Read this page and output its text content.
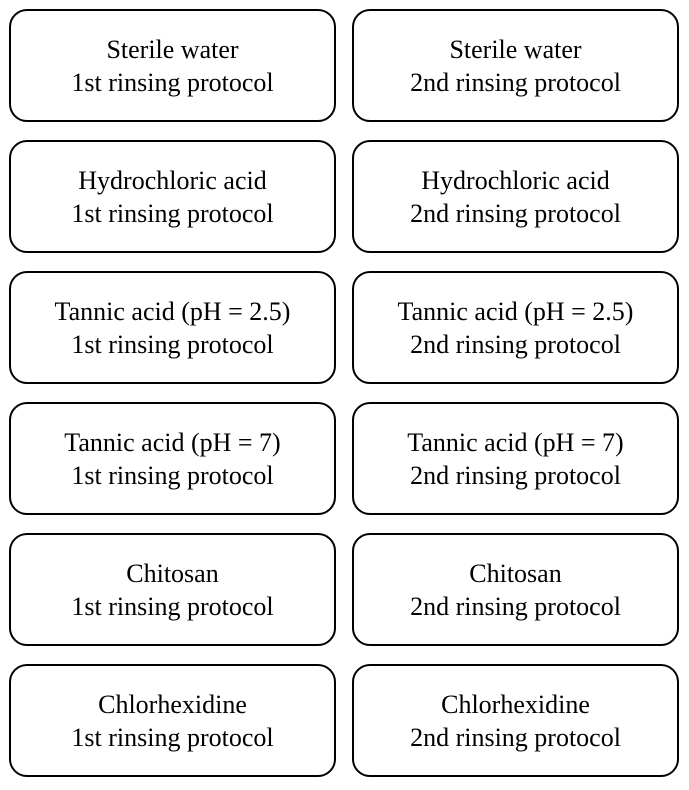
Sterile water
1st rinsing protocol
Sterile water
2nd rinsing protocol
Hydrochloric acid
1st rinsing protocol
Hydrochloric acid
2nd rinsing protocol
Tannic acid (pH = 2.5)
1st rinsing protocol
Tannic acid (pH = 2.5)
2nd rinsing protocol
Tannic acid (pH = 7)
1st rinsing protocol
Tannic acid (pH = 7)
2nd rinsing protocol
Chitosan
1st rinsing protocol
Chitosan
2nd rinsing protocol
Chlorhexidine
1st rinsing protocol
Chlorhexidine
2nd rinsing protocol
